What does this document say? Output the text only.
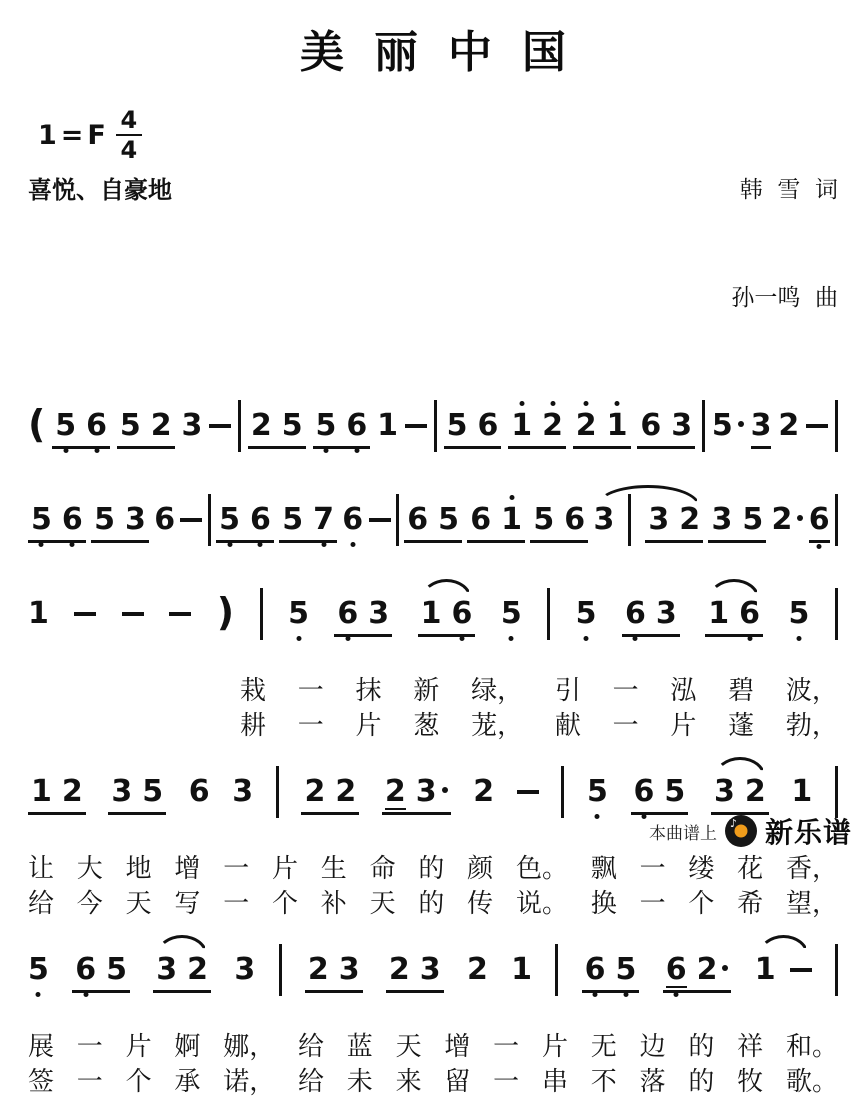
美丽中国
1 = F $\frac{4}{4}$
喜悦、自豪地

	韩  雪  词

孙一鸣  曲

( 5 6 5 2 3 2 5 5 6 1 5 6 1 2 2 1 6 3 5 3 2
5 6 5 3 6 5 6 5 7 6 6 5 6 1 5 6 3 3 2 3 5 2 6
1	) 5 6 3 1 6 5 5 6 3 1 6 5
栽 一 抹 新 绿， 引 一 泓 碧 波，
耕 一 片 葱 茏， 献 一 片 蓬 勃，
1 2 3 5 6 3 2 2 2 3	2	5 6 5 3 2 1
让 大 地 增 一 片 生 命 的 颜 色。 飘 一 缕 花 香，
给 今 天 写 一 个 补 天 的 传 说。 换 一 个 希 望，
5 6 5 3 2 3 2 3 2 3 2 1 6 5 6 2	1
展 一 片 婀 娜， 给 蓝 天 增 一 片 无 边 的 祥 和。
签 一 个 承 诺， 给 未 来 留 一 串 不 落 的 牧 歌。
本曲谱上 ♪ 新乐谱
